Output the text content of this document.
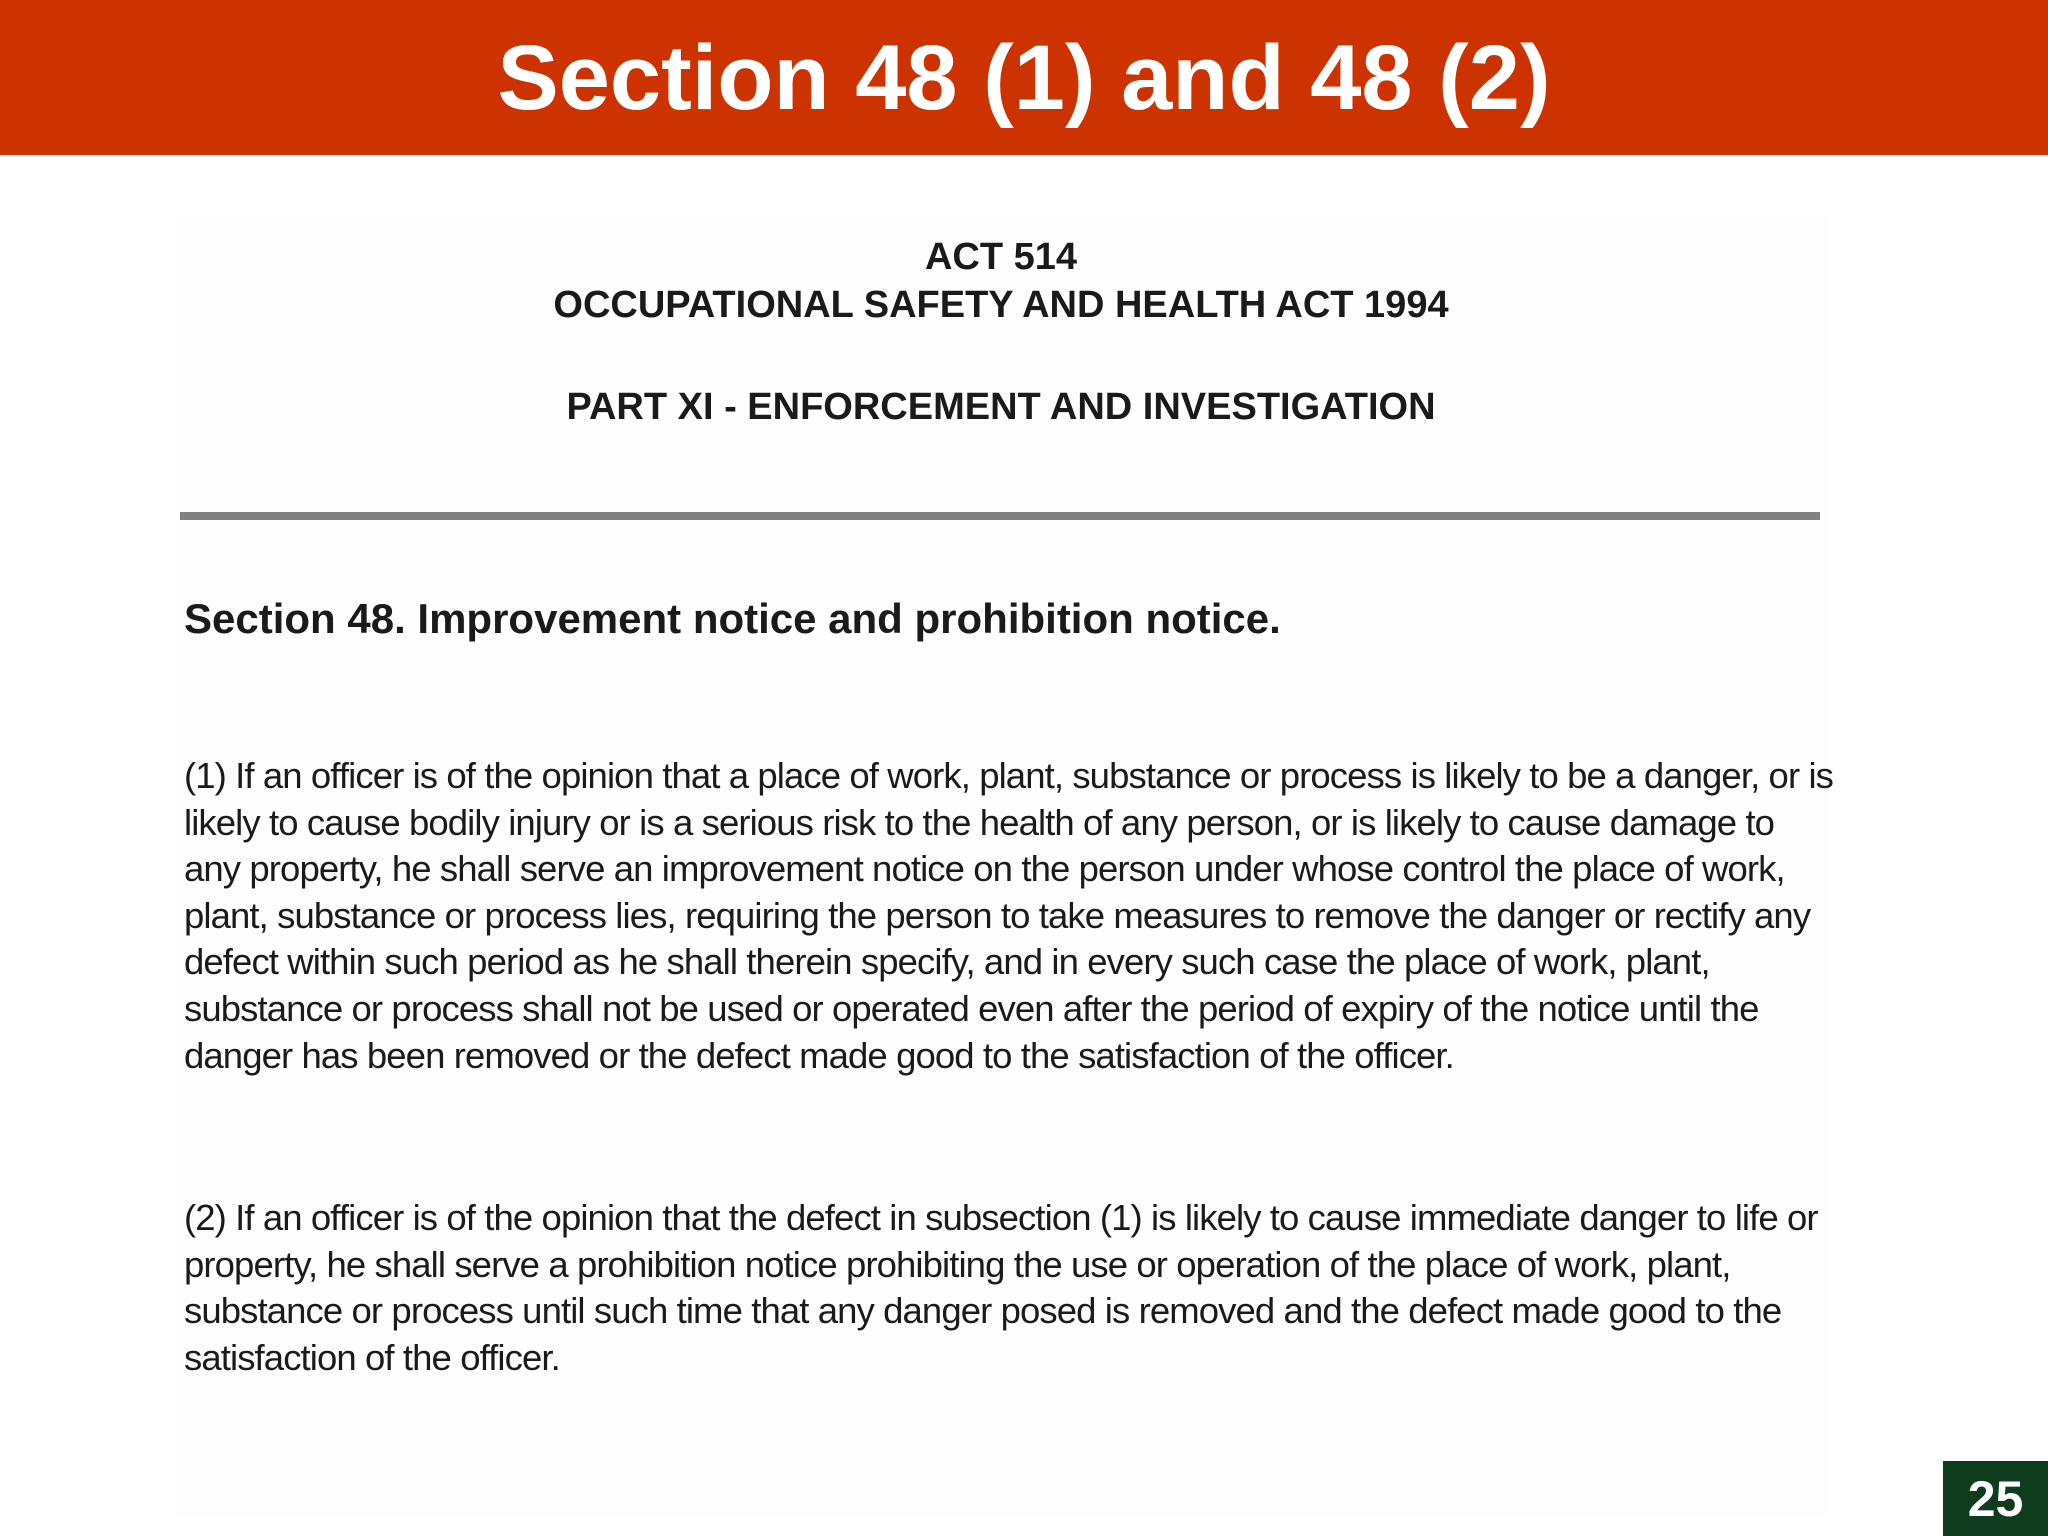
Section 48 (1) and 48 (2)

ACT 514

OCCUPATIONAL SAFETY AND HEALTH ACT 1994

PART XI - ENFORCEMENT AND INVESTIGATION

Section 48. Improvement notice and prohibition notice.

(1) If an officer is of the opinion that a place of work, plant, substance or process is likely to be a danger, or is likely to cause bodily injury or is a serious risk to the health of any person, or is likely to cause damage to any property, he shall serve an improvement notice on the person under whose control the place of work, plant, substance or process lies, requiring the person to take measures to remove the danger or rectify any defect within such period as he shall therein specify, and in every such case the place of work, plant, substance or process shall not be used or operated even after the period of expiry of the notice until the danger has been removed or the defect made good to the satisfaction of the officer.

(2) If an officer is of the opinion that the defect in subsection (1) is likely to cause immediate danger to life or property, he shall serve a prohibition notice prohibiting the use or operation of the place of work, plant, substance or process until such time that any danger posed is removed and the defect made good to the satisfaction of the officer.

25
